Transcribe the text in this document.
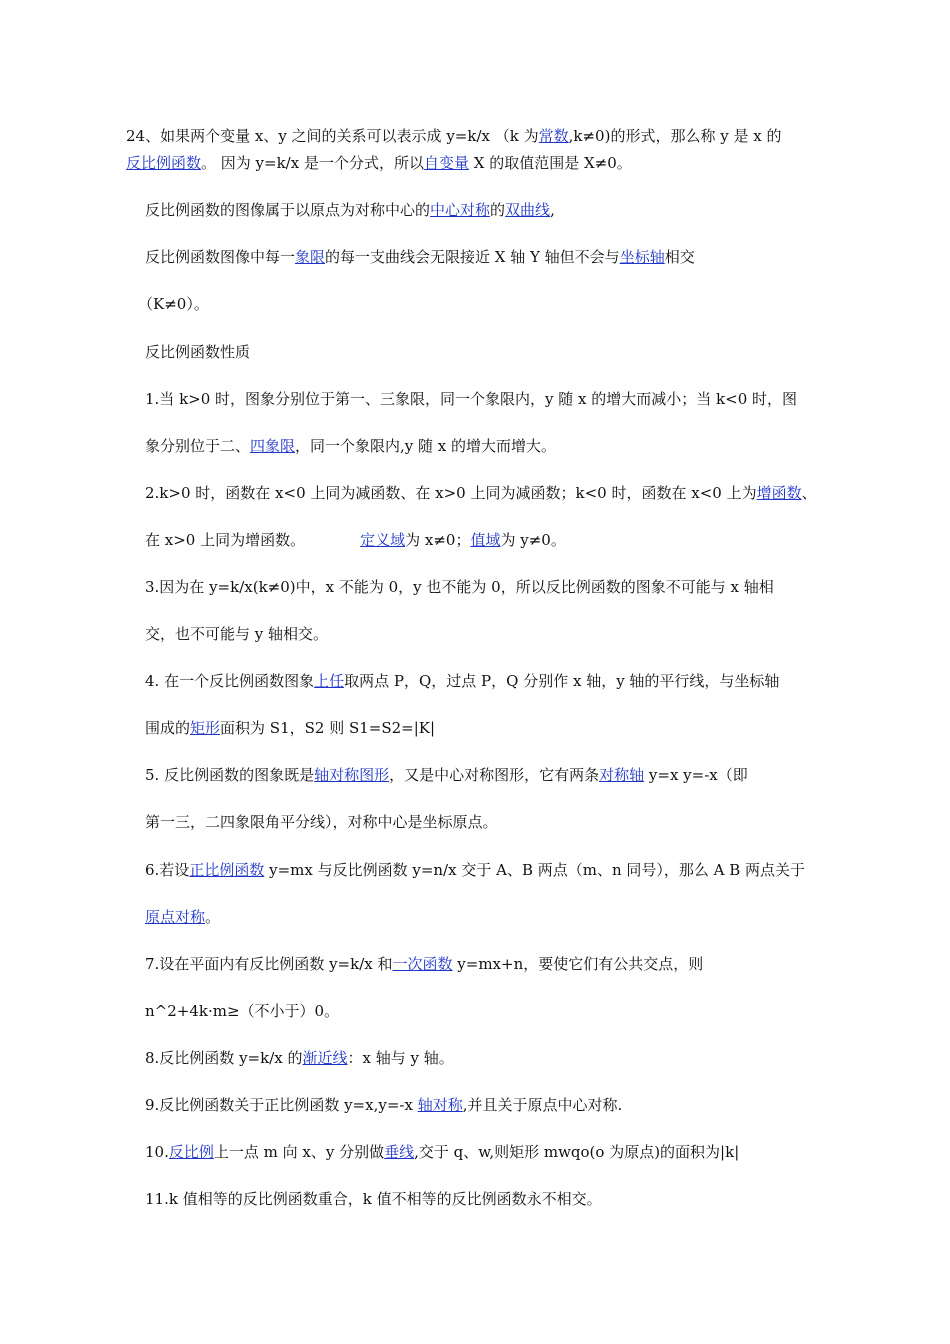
24、如果两个变量 x、y 之间的关系可以表示成 y=k/x （k 为常数,k≠0)的形式，那么称 y 是 x 的
反比例函数。 因为 y=k/x 是一个分式，所以自变量 X 的取值范围是 X≠0。
反比例函数的图像属于以原点为对称中心的中心对称的双曲线,
反比例函数图像中每一象限的每一支曲线会无限接近 X 轴 Y 轴但不会与坐标轴相交
（K≠0）。
反比例函数性质
1.当 k>0 时，图象分别位于第一、三象限，同一个象限内，y 随 x 的增大而减小；当 k<0 时，图
象分别位于二、四象限，同一个象限内,y 随 x 的增大而增大。
2.k>0 时，函数在 x<0 上同为减函数、在 x>0 上同为减函数；k<0 时，函数在 x<0 上为增函数、
在 x>0 上同为增函数。	定义域为 x≠0；值域为 y≠0。
3.因为在 y=k/x(k≠0)中，x 不能为 0，y 也不能为 0，所以反比例函数的图象不可能与 x 轴相
交，也不可能与 y 轴相交。
4. 在一个反比例函数图象上任取两点 P，Q，过点 P，Q 分别作 x 轴，y 轴的平行线，与坐标轴
围成的矩形面积为 S1，S2 则 S1=S2=|K|
5. 反比例函数的图象既是轴对称图形，又是中心对称图形，它有两条对称轴 y=x y=-x（即
第一三，二四象限角平分线），对称中心是坐标原点。
6.若设正比例函数 y=mx 与反比例函数 y=n/x 交于 A、B 两点（m、n 同号），那么 A B 两点关于
原点对称。
7.设在平面内有反比例函数 y=k/x 和一次函数 y=mx+n，要使它们有公共交点，则
n^2+4k·m≥（不小于）0。
8.反比例函数 y=k/x 的渐近线：x 轴与 y 轴。
9.反比例函数关于正比例函数 y=x,y=-x 轴对称,并且关于原点中心对称.
10.反比例上一点 m 向 x、y 分别做垂线,交于 q、w,则矩形 mwqo(o 为原点)的面积为|k|
11.k 值相等的反比例函数重合，k 值不相等的反比例函数永不相交。
